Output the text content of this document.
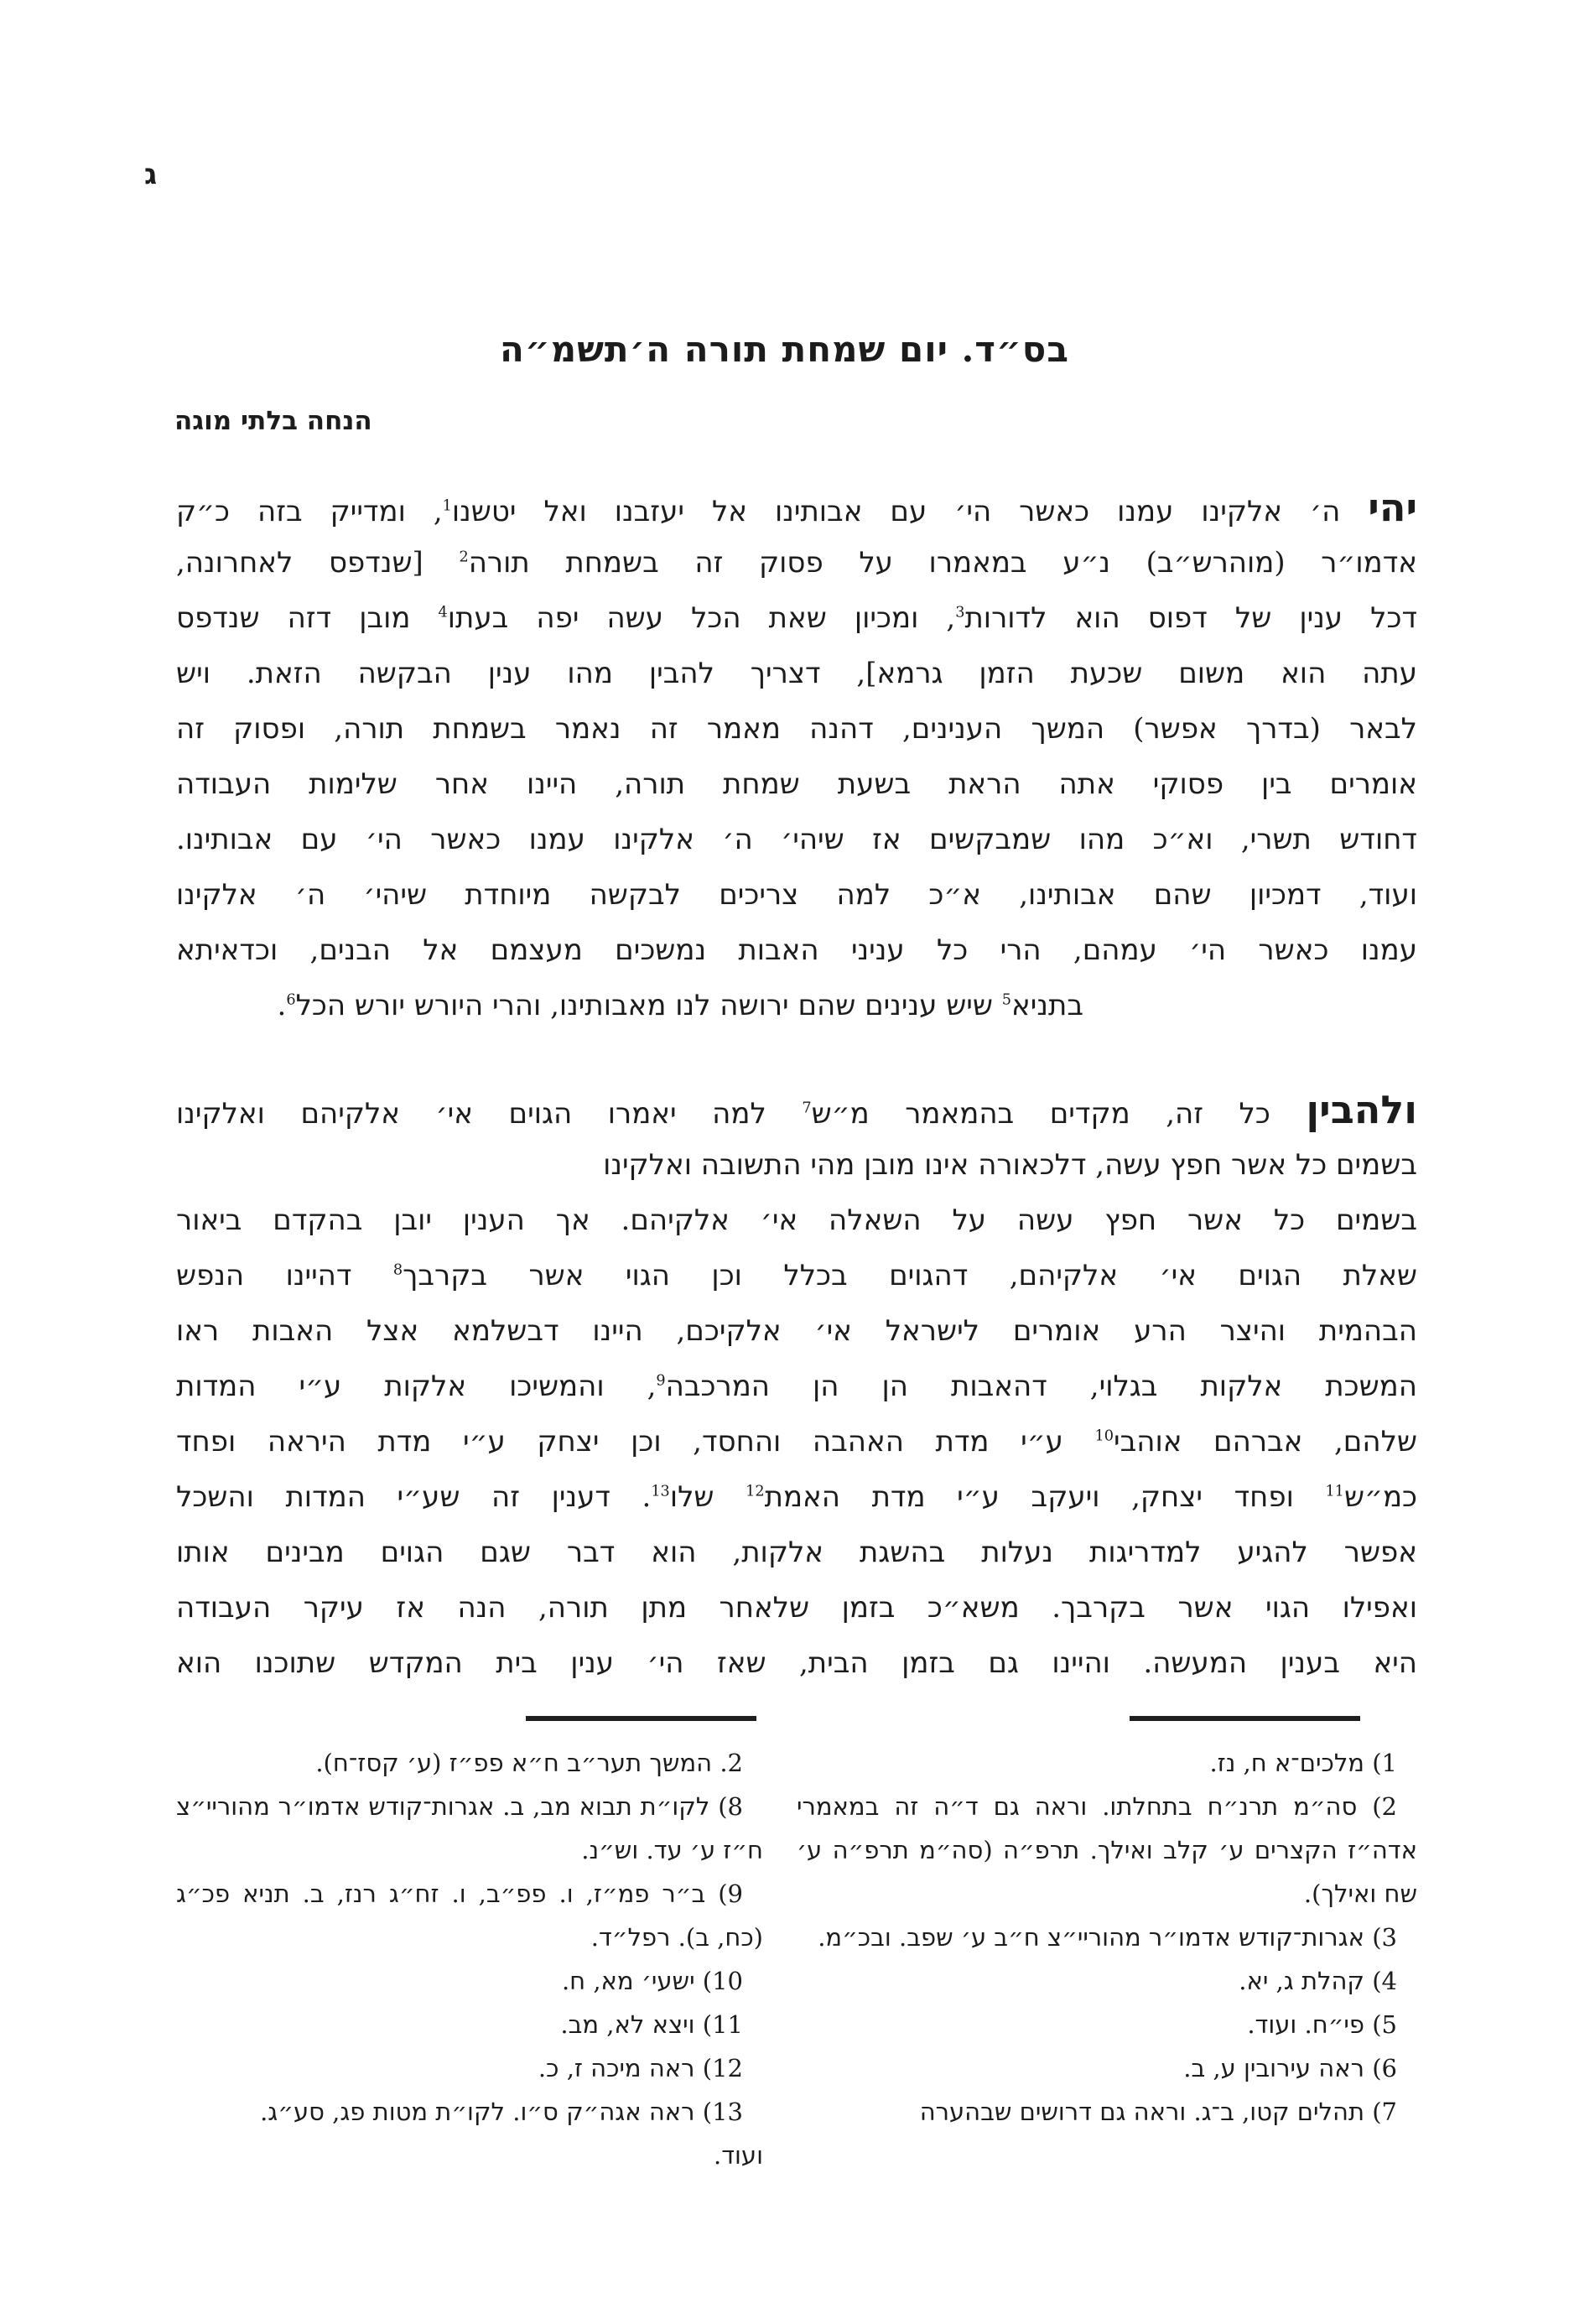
ג
בס״ד. יום שמחת תורה ה׳תשמ״ה
הנחה בלתי מוגה
יהי ה׳ אלקינו עמנו כאשר הי׳ עם אבותינו אל יעזבנו ואל יטשנו$^1$, ומדייק בזה כ״ק
אדמו״ר (מוהרש״ב) נ״ע במאמרו על פסוק זה בשמחת תורה$^2$ [שנדפס לאחרונה,
דכל ענין של דפוס הוא לדורות$^3$, ומכיון שאת הכל עשה יפה בעתו$^4$ מובן דזה שנדפס
עתה הוא משום שכעת הזמן גרמא], דצריך להבין מהו ענין הבקשה הזאת. ויש
לבאר (בדרך אפשר) המשך הענינים, דהנה מאמר זה נאמר בשמחת תורה, ופסוק זה
אומרים בין פסוקי אתה הראת בשעת שמחת תורה, היינו אחר שלימות העבודה
דחודש תשרי, וא״כ מהו שמבקשים אז שיהי׳ ה׳ אלקינו עמנו כאשר הי׳ עם אבותינו.
ועוד, דמכיון שהם אבותינו, א״כ למה צריכים לבקשה מיוחדת שיהי׳ ה׳ אלקינו
עמנו כאשר הי׳ עמהם, הרי כל עניני האבות נמשכים מעצמם אל הבנים, וכדאיתא
בתניא$^5$ שיש ענינים שהם ירושה לנו מאבותינו, והרי היורש יורש הכל$^6$.
ולהבין כל זה, מקדים בהמאמר מ״ש$^7$ למה יאמרו הגוים אי׳ אלקיהם ואלקינו
בשמים כל אשר חפץ עשה, דלכאורה אינו מובן מהי התשובה ואלקינו
בשמים כל אשר חפץ עשה על השאלה אי׳ אלקיהם. אך הענין יובן בהקדם ביאור
שאלת הגוים אי׳ אלקיהם, דהגוים בכלל וכן הגוי אשר בקרבך$^8$ דהיינו הנפש
הבהמית והיצר הרע אומרים לישראל אי׳ אלקיכם, היינו דבשלמא אצל האבות ראו
המשכת אלקות בגלוי, דהאבות הן הן המרכבה$^9$, והמשיכו אלקות ע״י המדות
שלהם, אברהם אוהבי$^{10}$ ע״י מדת האהבה והחסד, וכן יצחק ע״י מדת היראה ופחד
כמ״ש$^{11}$ ופחד יצחק, ויעקב ע״י מדת האמת$^{12}$ שלו$^{13}$. דענין זה שע״י המדות והשכל
אפשר להגיע למדריגות נעלות בהשגת אלקות, הוא דבר שגם הגוים מבינים אותו
ואפילו הגוי אשר בקרבך. משא״כ בזמן שלאחר מתן תורה, הנה אז עיקר העבודה
היא בענין המעשה. והיינו גם בזמן הבית, שאז הי׳ ענין בית המקדש שתוכנו הוא

1) מלכים־א ח, נז.

2) סה״מ תרנ״ח בתחלתו. וראה גם ד״ה זה במאמרי אדה״ז הקצרים ע׳ קלב ואילך. תרפ״ה (סה״מ תרפ״ה ע׳ שח ואילך).

3) אגרות־קודש אדמו״ר מהוריי״צ ח״ב ע׳ שפב. ובכ״מ.

4) קהלת ג, יא.

5) פי״ח. ועוד.

6) ראה עירובין ע, ב.

7) תהלים קטו, ב־ג. וראה גם דרושים שבהערה

2. המשך תער״ב ח״א פפ״ז (ע׳ קסז־ח).

8) לקו״ת תבוא מב, ב. אגרות־קודש אדמו״ר מהוריי״צ ח״ז ע׳ עד. וש״נ.

9) ב״ר פמ״ז, ו. פפ״ב, ו. זח״ג רנז, ב. תניא פכ״ג (כח, ב). רפל״ד.

10) ישעי׳ מא, ח.

11) ויצא לא, מב.

12) ראה מיכה ז, כ.

13) ראה אגה״ק ס״ו. לקו״ת מטות פג, סע״ג.

ועוד.
